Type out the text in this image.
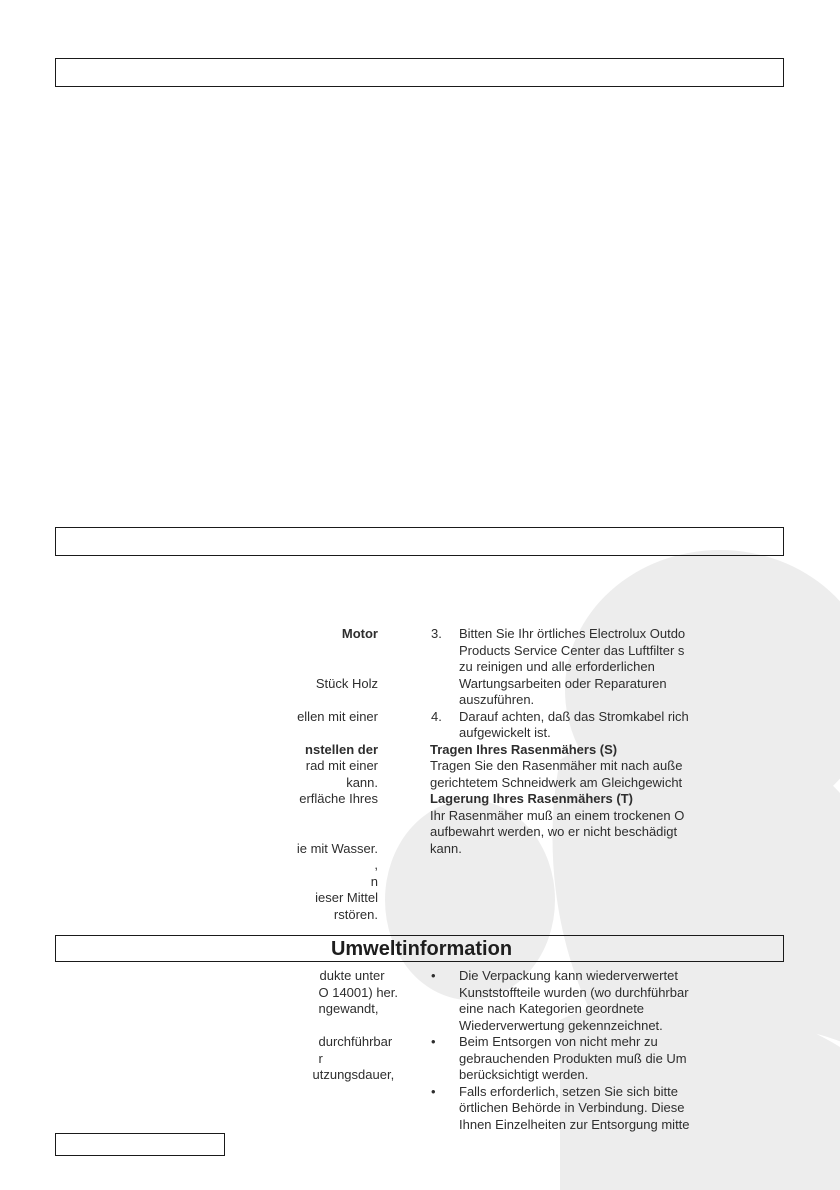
Motor
Stück Holz
ellen mit einer
nstellen der
rad mit einer
kann.
erfläche Ihres
ie mit Wasser.
,
n
ieser Mittel
rstören.
3. Bitten Sie Ihr örtliches Electrolux Outdo
Products Service Center das Luftfilter s
zu reinigen und alle erforderlichen
Wartungsarbeiten oder Reparaturen
auszuführen.
4. Darauf achten, daß das Stromkabel rich
aufgewickelt ist.
Tragen Ihres Rasenmähers (S)
Tragen Sie den Rasenmäher mit nach auße
gerichtetem Schneidwerk am Gleichgewicht
Lagerung Ihres Rasenmähers (T)
Ihr Rasenmäher muß an einem trockenen O
aufbewahrt werden, wo er nicht beschädigt
kann.
Umweltinformation
dukte unter
O 14001) her.
ngewandt,
durchführbar
r
utzungsdauer,
• Die Verpackung kann wiederverwertet
Kunststoffteile wurden (wo durchführbar
eine nach Kategorien geordnete
Wiederverwertung gekennzeichnet.
• Beim Entsorgen von nicht mehr zu
gebrauchenden Produkten muß die Um
berücksichtigt werden.
• Falls erforderlich, setzen Sie sich bitte
örtlichen Behörde in Verbindung. Diese
Ihnen Einzelheiten zur Entsorgung mitte
